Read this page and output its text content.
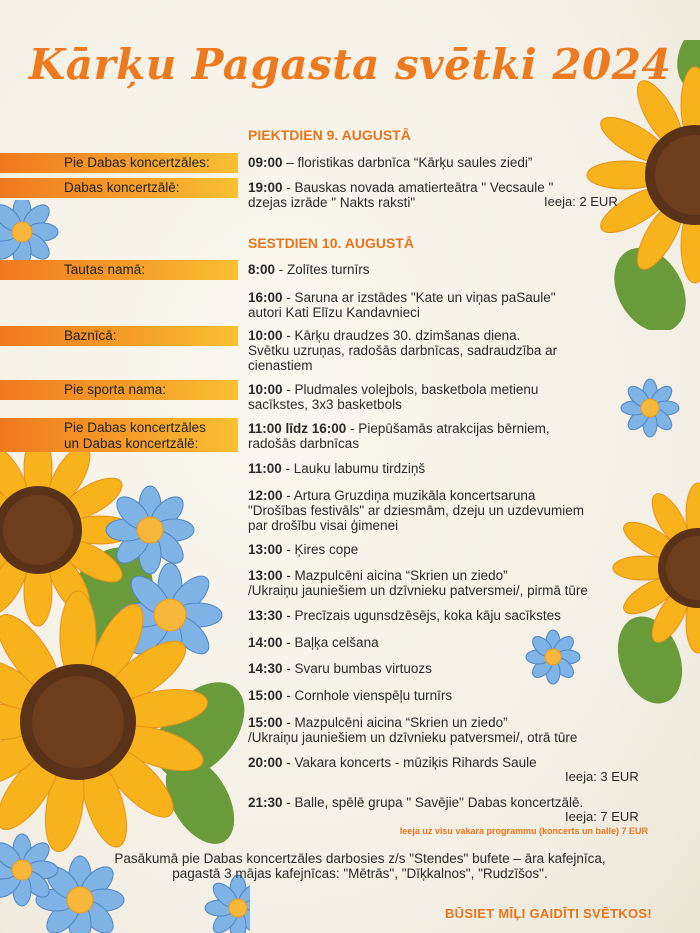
Kārķu Pagasta svētki 2024
PIEKTDIEN 9. AUGUSTĀ
Pie Dabas koncertzāles:	09:00 – floristikas darbnīca “Kārķu saules ziedi”
Dabas koncertzālē:	19:00 - Bauskas novada amatierteātra " Vecsaule "
dzejas izrāde " Nakts raksti"	Ieeja: 2 EUR
SESTDIEN 10. AUGUSTĀ
Tautas namā:	8:00 - Zolītes turnīrs
16:00 - Saruna ar izstādes "Kate un viņas paSaule"
autori Kati Elīzu Kandavnieci
Baznīcā:	10:00 - Kārķu draudzes 30. dzimšanas diena.
Svētku uzruņas, radošās darbnīcas, sadraudzība ar
cienastiem
Pie sporta nama:	10:00 - Pludmales volejbols, basketbola metienu
sacīkstes, 3x3 basketbols
Pie Dabas koncertzāles
un Dabas koncertzālē:
11:00 līdz 16:00 - Piepūšamās atrakcijas bērniem,
radošās darbnīcas
11:00 - Lauku labumu tirdziņš
12:00 - Artura Gruzdiņa muzikāla koncertsaruna
"Drošības festivāls" ar dziesmām, dzeju un uzdevumiem
par drošību visai ģimenei
13:00 - Ķires cope
13:00 - Mazpulcēni aicina “Skrien un ziedo”
/Ukraiņu jauniešiem un dzīvnieku patversmei/, pirmā tūre
13:30 - Precīzais ugunsdzēsējs, koka kāju sacīkstes
14:00 - Baļķa celšana
14:30 - Svaru bumbas virtuozs
15:00 - Cornhole vienspēļu turnīrs
15:00 - Mazpulcēni aicina “Skrien un ziedo”
/Ukraiņu jauniešiem un dzīvnieku patversmei/, otrā tūre
20:00 - Vakara koncerts - mūziķis Rihards Saule
Ieeja: 3 EUR
21:30 - Balle, spēlē grupa " Savējie" Dabas koncertzālē.
Ieeja: 7 EUR
Ieeja uz visu vakara programmu (koncerts un balle) 7 EUR
Pasākumā pie Dabas koncertzāles darbosies z/s "Stendes" bufete – āra kafejnīca,
pagastā 3 mājas kafejnīcas: "Mētrās", "Dīķkalnos", "Rudzīšos".
BŪSIET MĪĻI GAIDĪTI SVĒTKOS!
